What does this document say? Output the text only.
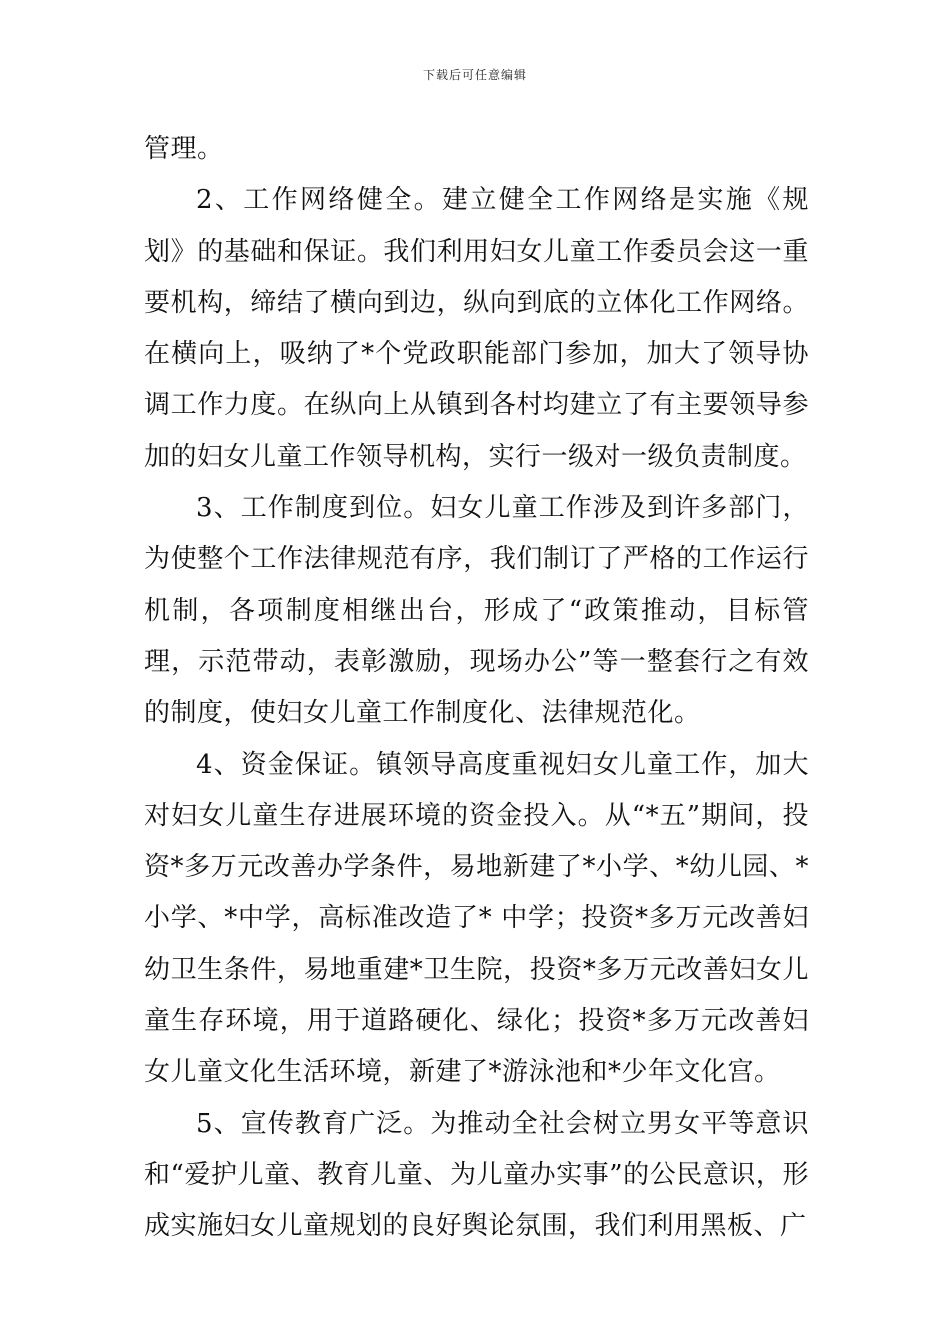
下载后可任意编辑

管理。

2、工作网络健全。建立健全工作网络是实施《规划》的基础和保证。我们利用妇女儿童工作委员会这一重要机构，缔结了横向到边，纵向到底的立体化工作网络。在横向上，吸纳了*个党政职能部门参加，加大了领导协调工作力度。在纵向上从镇到各村均建立了有主要领导参加的妇女儿童工作领导机构，实行一级对一级负责制度。

3、工作制度到位。妇女儿童工作涉及到许多部门，为使整个工作法律规范有序，我们制订了严格的工作运行机制，各项制度相继出台，形成了“政策推动，目标管理，示范带动，表彰激励，现场办公”等一整套行之有效的制度，使妇女儿童工作制度化、法律规范化。

4、资金保证。镇领导高度重视妇女儿童工作，加大对妇女儿童生存进展环境的资金投入。从“*五”期间，投资*多万元改善办学条件，易地新建了*小学、*幼儿园、*小学、*中学，高标准改造了* 中学；投资*多万元改善妇幼卫生条件，易地重建*卫生院，投资*多万元改善妇女儿童生存环境，用于道路硬化、绿化；投资*多万元改善妇女儿童文化生活环境，新建了*游泳池和*少年文化宫。

5、宣传教育广泛。为推动全社会树立男女平等意识和“爱护儿童、教育儿童、为儿童办实事”的公民意识，形成实施妇女儿童规划的良好舆论氛围，我们利用黑板、广
